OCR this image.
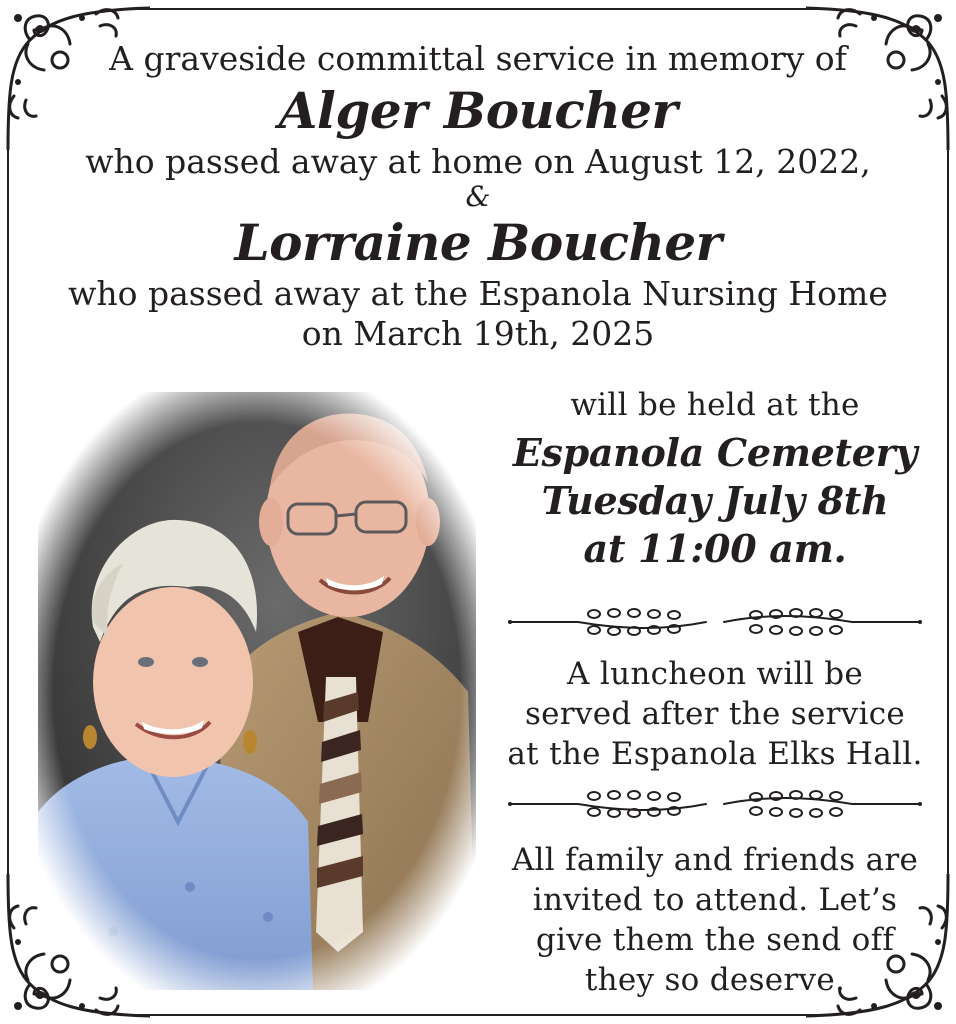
A graveside committal service in memory of
Alger Boucher
who passed away at home on August 12, 2022,
&
Lorraine Boucher
who passed away at the Espanola Nursing Home
on March 19th, 2025
will be held at the
Espanola Cemetery
Tuesday July 8th
at 11:00 am.
A luncheon will be
served after the service
at the Espanola Elks Hall.
All family and friends are
invited to attend. Let’s
give them the send off
they so deserve.
